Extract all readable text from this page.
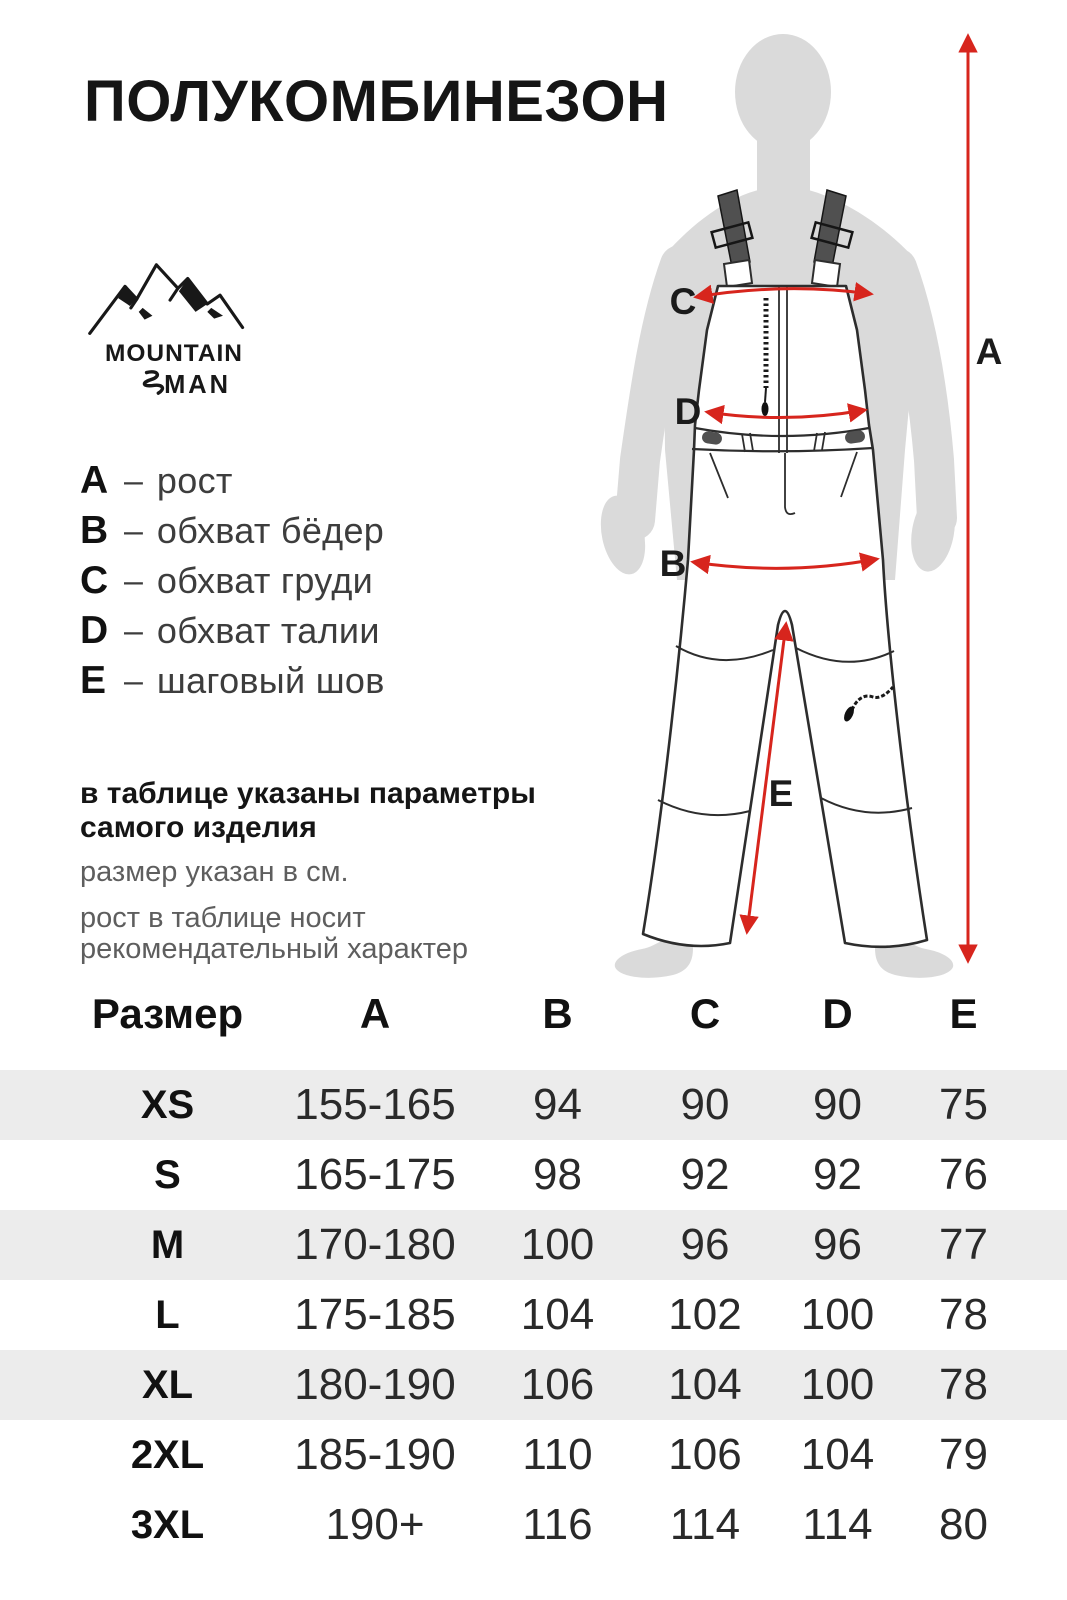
ПОЛУКОМБИНЕЗОН
MOUNTAIN
MAN
A – рост
B – обхват бёдер
C – обхват груди
D – обхват талии
E – шаговый шов

в таблице указаны параметры самого изделия

размер указан в см.

рост в таблице носит рекомендательный характер

C
D
B
E
A
Размер	A	B	C	D	E
XS	155-165	94	90	90	75
S	165-175	98	92	92	76
M	170-180	100	96	96	77
L	175-185	104	102	100	78
XL	180-190	106	104	100	78
2XL	185-190	110	106	104	79
3XL	190+	116	114	114	80
